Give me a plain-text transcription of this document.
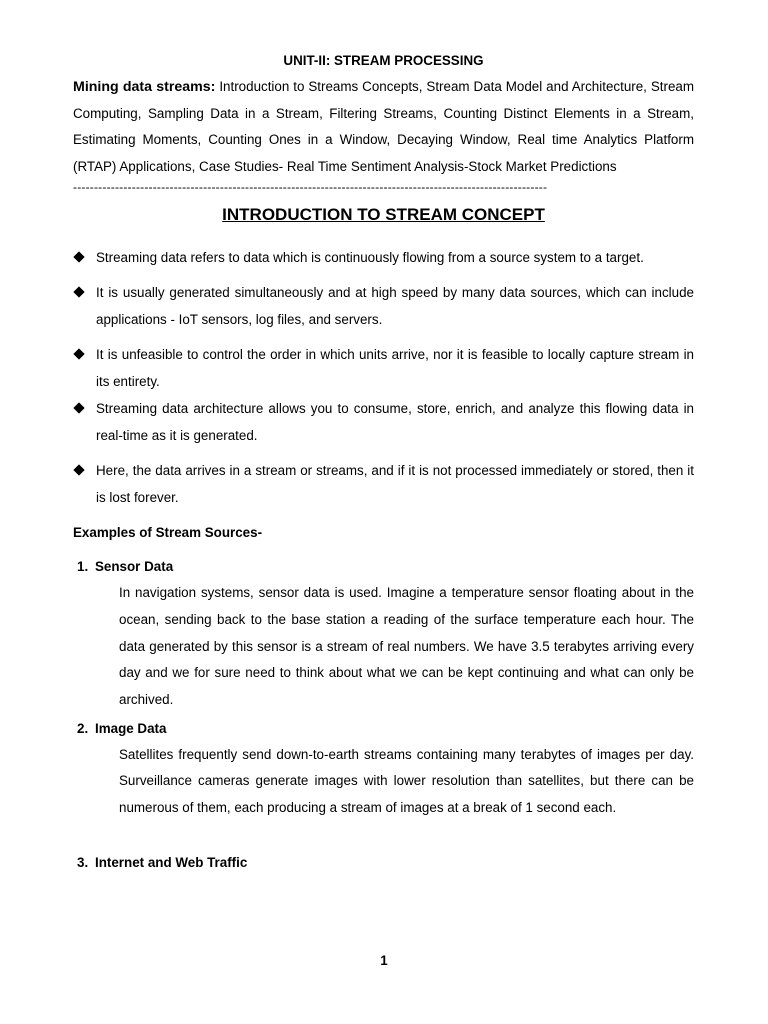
UNIT-II: STREAM PROCESSING
Mining data streams: Introduction to Streams Concepts, Stream Data Model and Architecture, Stream Computing, Sampling Data in a Stream, Filtering Streams, Counting Distinct Elements in a Stream, Estimating Moments, Counting Ones in a Window, Decaying Window, Real time Analytics Platform (RTAP) Applications, Case Studies- Real Time Sentiment Analysis-Stock Market Predictions
-----------------------------------------------------------------------------------------------------------------
INTRODUCTION TO STREAM CONCEPT
Streaming data refers to data which is continuously flowing from a source system to a target.
It is usually generated simultaneously and at high speed by many data sources, which can include applications - IoT sensors, log files, and servers.
It is unfeasible to control the order in which units arrive, nor it is feasible to locally capture stream in its entirety.
Streaming data architecture allows you to consume, store, enrich, and analyze this flowing data in real-time as it is generated.
Here, the data arrives in a stream or streams, and if it is not processed immediately or stored, then it is lost forever.
Examples of Stream Sources-
1. Sensor Data
In navigation systems, sensor data is used. Imagine a temperature sensor floating about in the ocean, sending back to the base station a reading of the surface temperature each hour. The data generated by this sensor is a stream of real numbers. We have 3.5 terabytes arriving every day and we for sure need to think about what we can be kept continuing and what can only be archived.
2. Image Data
Satellites frequently send down-to-earth streams containing many terabytes of images per day. Surveillance cameras generate images with lower resolution than satellites, but there can be numerous of them, each producing a stream of images at a break of 1 second each.
3. Internet and Web Traffic
1
